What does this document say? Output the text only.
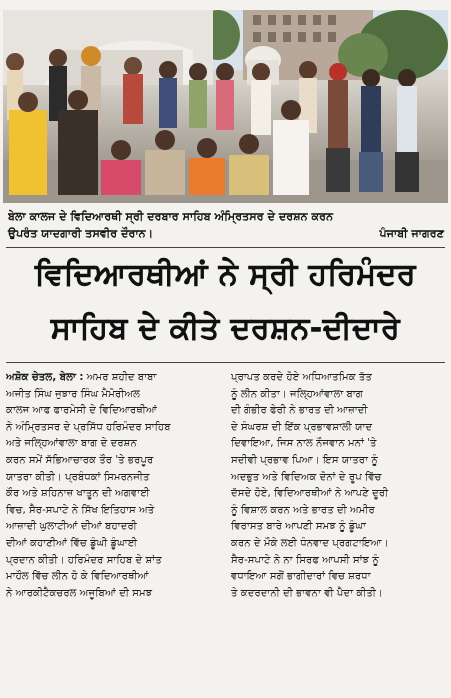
ਬੇਲਾ ਕਾਲਜ ਦੇ ਵਿਦਿਆਰਥੀ ਸ੍ਰੀ ਦਰਬਾਰ ਸਾਹਿਬ ਅੰਮ੍ਰਿਤਸਰ ਦੇ ਦਰਸ਼ਨ ਕਰਨ
ਉਪਰੰਤ ਯਾਦਗਾਰੀ ਤਸਵੀਰ ਦੌਰਾਨ।	ਪੰਜਾਬੀ ਜਾਗਰਣ
ਵਿਦਿਆਰਥੀਆਂ ਨੇ ਸ੍ਰੀ ਹਰਿਮੰਦਰ
ਸਾਹਿਬ ਦੇ ਕੀਤੇ ਦਰਸ਼ਨ-ਦੀਦਾਰੇ
ਅਸ਼ੋਕ ਚੇਤਲ, ਬੇਲਾ : ਅਮਰ ਸ਼ਹੀਦ ਬਾਬਾ
ਅਜੀਤ ਸਿੰਘ ਜੁਝਾਰ ਸਿੰਘ ਮੈਮੋਰੀਅਲ
ਕਾਲਜ ਆਫ ਫਾਰਮੇਸੀ ਦੇ ਵਿਦਿਆਰਥੀਆਂ
ਨੇ ਅੰਮ੍ਰਿਤਸਰ ਦੇ ਪ੍ਰਸਿੱਧ ਹਰਿਮੰਦਰ ਸਾਹਿਬ
ਅਤੇ ਜਲ੍ਹਿਆਂਵਾਲਾ ਬਾਗ ਦੇ ਦਰਸ਼ਨ
ਕਰਨ ਸਮੇਂ ਸੱਭਿਆਚਾਰਕ ਤੌਰ 'ਤੇ ਭਰਪੂਰ
ਯਾਤਰਾ ਕੀਤੀ। ਪ੍ਰਬੰਧਕਾਂ ਸਿਮਰਨਜੀਤ
ਕੌਰ ਅਤੇ ਸ਼ਹਿਨਾਜ਼ ਖਾਤੂਨ ਦੀ ਅਗਵਾਈ
ਵਿਚ, ਸੈਰ-ਸਪਾਟੇ ਨੇ ਸਿੱਖ ਇਤਿਹਾਸ ਅਤੇ
ਆਜ਼ਾਦੀ ਘੁਲਾਟੀਆਂ ਦੀਆਂ ਬਹਾਦਰੀ
ਦੀਆਂ ਕਹਾਣੀਆਂ ਵਿੱਚ ਡੂੰਘੀ ਡੂੰਘਾਈ
ਪ੍ਰਦਾਨ ਕੀਤੀ। ਹਰਿਮੰਦਰ ਸਾਹਿਬ ਦੇ ਸ਼ਾਂਤ
ਮਾਹੌਲ ਵਿੱਚ ਲੀਨ ਹੋ ਕੇ ਵਿਦਿਆਰਥੀਆਂ
ਨੇ ਆਰਕੀਟੈਕਚਰਲ ਅਜੂਬਿਆਂ ਦੀ ਸਮਝ
ਪ੍ਰਾਪਤ ਕਰਦੇ ਹੋਏ ਅਧਿਆਤਮਿਕ ਤੱਤ
ਨੂੰ ਲੀਨ ਕੀਤਾ। ਜਲ੍ਹਿਆਂਵਾਲਾ ਬਾਗ
ਦੀ ਗੰਭੀਰ ਫੇਰੀ ਨੇ ਭਾਰਤ ਦੀ ਆਜ਼ਾਦੀ
ਦੇ ਸੰਘਰਸ਼ ਦੀ ਇੱਕ ਪ੍ਰਭਾਵਸ਼ਾਲੀ ਯਾਦ
ਦਿਵਾਇਆ, ਜਿਸ ਨਾਲ ਨੌਜਵਾਨ ਮਨਾਂ 'ਤੇ
ਸਦੀਵੀ ਪ੍ਰਭਾਵ ਪਿਆ। ਇਸ ਯਾਤਰਾ ਨੂੰ
ਅਦਭੁਤ ਅਤੇ ਵਿਦਿਅਕ ਦੋਨਾਂ ਦੇ ਰੂਪ ਵਿੱਚ
ਦੱਸਦੇ ਹੋਏ, ਵਿਦਿਆਰਥੀਆਂ ਨੇ ਆਪਣੇ ਦੂਰੀ
ਨੂੰ ਵਿਸ਼ਾਲ ਕਰਨ ਅਤੇ ਭਾਰਤ ਦੀ ਅਮੀਰ
ਵਿਰਾਸਤ ਬਾਰੇ ਆਪਣੀ ਸਮਝ ਨੂੰ ਡੂੰਘਾ
ਕਰਨ ਦੇ ਮੌਕੇ ਲਈ ਧੰਨਵਾਦ ਪ੍ਰਗਟਾਇਆ।
ਸੈਰ-ਸਪਾਟੇ ਨੇ ਨਾ ਸਿਰਫ ਆਪਸੀ ਸਾਂਝ ਨੂੰ
ਵਧਾਇਆ ਸਗੋਂ ਭਾਗੀਦਾਰਾਂ ਵਿਚ ਸ਼ਰਧਾ
ਤੇ ਕਦਰਦਾਨੀ ਦੀ ਭਾਵਨਾ ਵੀ ਪੈਦਾ ਕੀਤੀ।
